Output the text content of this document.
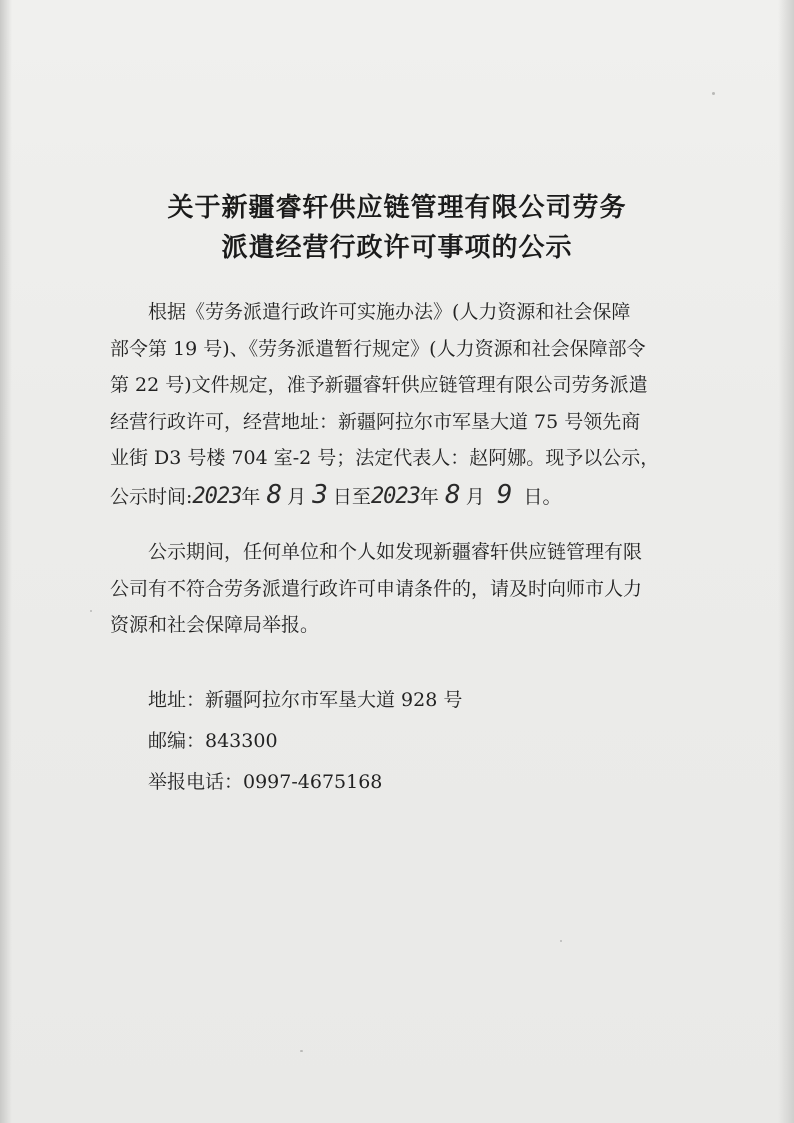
关于新疆睿轩供应链管理有限公司劳务
派遣经营行政许可事项的公示
根据《劳务派遣行政许可实施办法》(人力资源和社会保障
部令第 19 号)、《劳务派遣暂行规定》(人力资源和社会保障部令
第 22 号)文件规定，准予新疆睿轩供应链管理有限公司劳务派遣
经营行政许可，经营地址：新疆阿拉尔市军垦大道 75 号领先商
业街 D3 号楼 704 室-2 号；法定代表人：赵阿娜。现予以公示，
公示时间:2023年 8 月 3 日至2023年 8 月 9 日。
公示期间，任何单位和个人如发现新疆睿轩供应链管理有限
公司有不符合劳务派遣行政许可申请条件的，请及时向师市人力
资源和社会保障局举报。
地址：新疆阿拉尔市军垦大道 928 号
邮编：843300
举报电话：0997-4675168
